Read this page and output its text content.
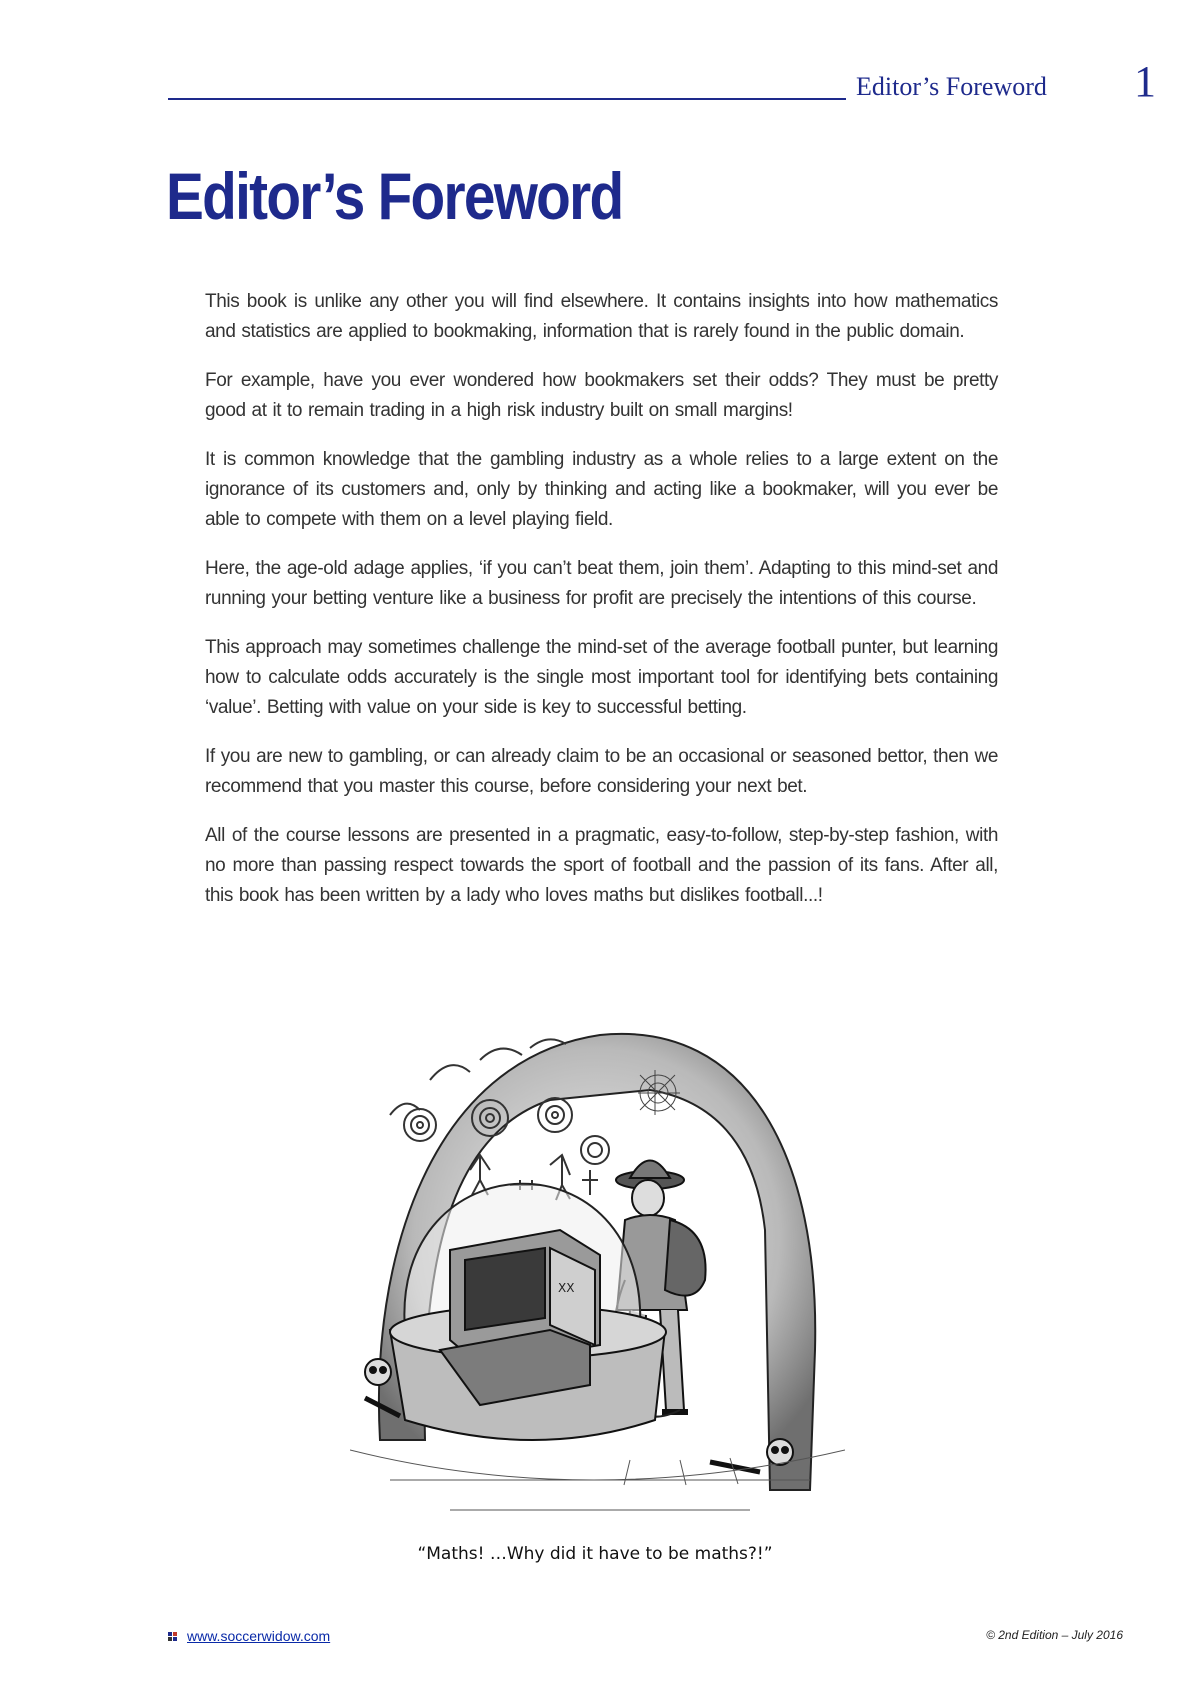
Editor’s Foreword 1
Editor’s Foreword

This book is unlike any other you will find elsewhere. It contains insights into how mathematics and statistics are applied to bookmaking, information that is rarely found in the public domain.

For example, have you ever wondered how bookmakers set their odds? They must be pretty good at it to remain trading in a high risk industry built on small margins!

It is common knowledge that the gambling industry as a whole relies to a large extent on the ignorance of its customers and, only by thinking and acting like a bookmaker, will you ever be able to compete with them on a level playing field.

Here, the age-old adage applies, ‘if you can’t beat them, join them’. Adapting to this mind-set and running your betting venture like a business for profit are precisely the intentions of this course.

This approach may sometimes challenge the mind-set of the average football punter, but learning how to calculate odds accurately is the single most important tool for identifying bets containing ‘value’. Betting with value on your side is key to successful betting.

If you are new to gambling, or can already claim to be an occasional or seasoned bettor, then we recommend that you master this course, before considering your next bet.

All of the course lessons are presented in a pragmatic, easy-to-follow, step-by-step fashion, with no more than passing respect towards the sport of football and the passion of its fans. After all, this book has been written by a lady who loves maths but dislikes football...!

XX
“Maths! …Why did it have to be maths?!”
www.soccerwidow.com	© 2nd Edition – July 2016
